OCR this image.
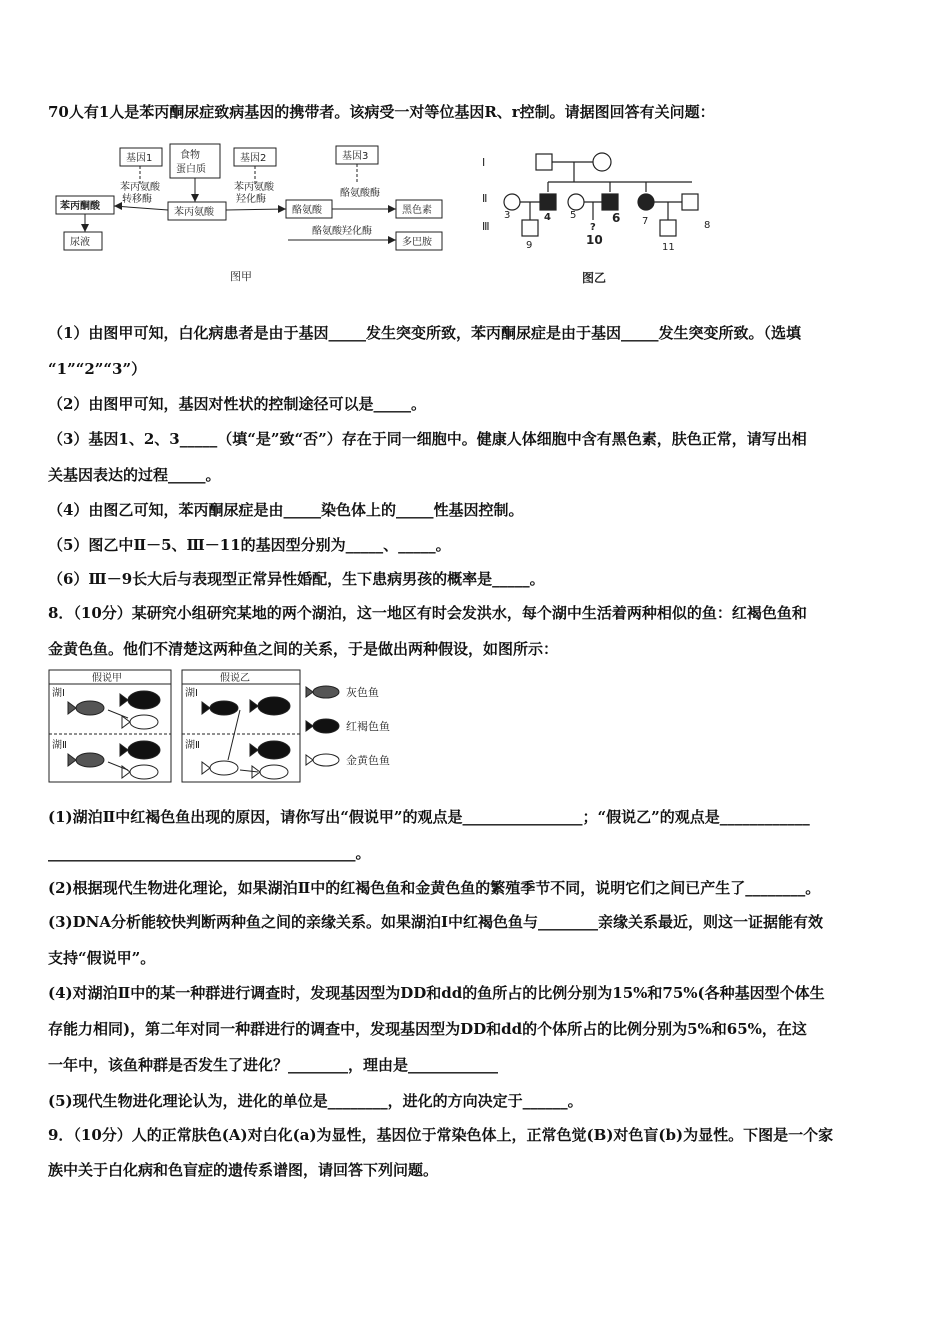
70人有1人是苯丙酮尿症致病基因的携带者。该病受一对等位基因R、r控制。请据图回答有关问题：
基因1	食物
蛋白质
基因2	基因3
苯丙酮酸
苯丙氨酸	酪氨酸	黑色素
尿液	多巴胺
苯丙氨酸
转移酶
苯丙氨酸
羟化酶
酪氨酸酶
酪氨酸羟化酶
图甲
Ⅰ
Ⅱ
Ⅲ
3	4 5	6 7	8
9
?
10
11
图乙
（1）由图甲可知，白化病患者是由于基因_____发生突变所致，苯丙酮尿症是由于基因_____发生突变所致。（选填
“1”“2”“3”）
（2）由图甲可知，基因对性状的控制途径可以是_____。
（3）基因1、2、3_____（填“是”致“否”）存在于同一细胞中。健康人体细胞中含有黑色素，肤色正常，请写出相
关基因表达的过程_____。
（4）由图乙可知，苯丙酮尿症是由_____染色体上的_____性基因控制。
（5）图乙中Ⅱ－5、Ⅲ－11的基因型分别为_____、_____。
（6）Ⅲ－9长大后与表现型正常异性婚配，生下患病男孩的概率是_____。
8．（10分）某研究小组研究某地的两个湖泊，这一地区有时会发洪水，每个湖中生活着两种相似的鱼：红褐色鱼和
金黄色鱼。他们不清楚这两种鱼之间的关系，于是做出两种假设，如图所示：
假说甲	假说乙
湖Ⅰ
湖Ⅱ
湖Ⅰ
湖Ⅱ
灰色鱼
红褐色鱼
金黄色鱼
(1)湖泊Ⅱ中红褐色鱼出现的原因，请你写出“假说甲”的观点是________________；“假说乙”的观点是____________
_________________________________________。
(2)根据现代生物进化理论，如果湖泊Ⅱ中的红褐色鱼和金黄色鱼的繁殖季节不同，说明它们之间已产生了________。
(3)DNA分析能较快判断两种鱼之间的亲缘关系。如果湖泊Ⅰ中红褐色鱼与________亲缘关系最近，则这一证据能有效
支持“假说甲”。
(4)对湖泊Ⅱ中的某一种群进行调查时，发现基因型为DD和dd的鱼所占的比例分别为15%和75%(各种基因型个体生
存能力相同)，第二年对同一种群进行的调查中，发现基因型为DD和dd的个体所占的比例分别为5%和65%，在这
一年中，该鱼种群是否发生了进化？________，理由是____________
(5)现代生物进化理论认为，进化的单位是________，进化的方向决定于______。
9．（10分）人的正常肤色(A)对白化(a)为显性，基因位于常染色体上，正常色觉(B)对色盲(b)为显性。下图是一个家
族中关于白化病和色盲症的遗传系谱图，请回答下列问题。
